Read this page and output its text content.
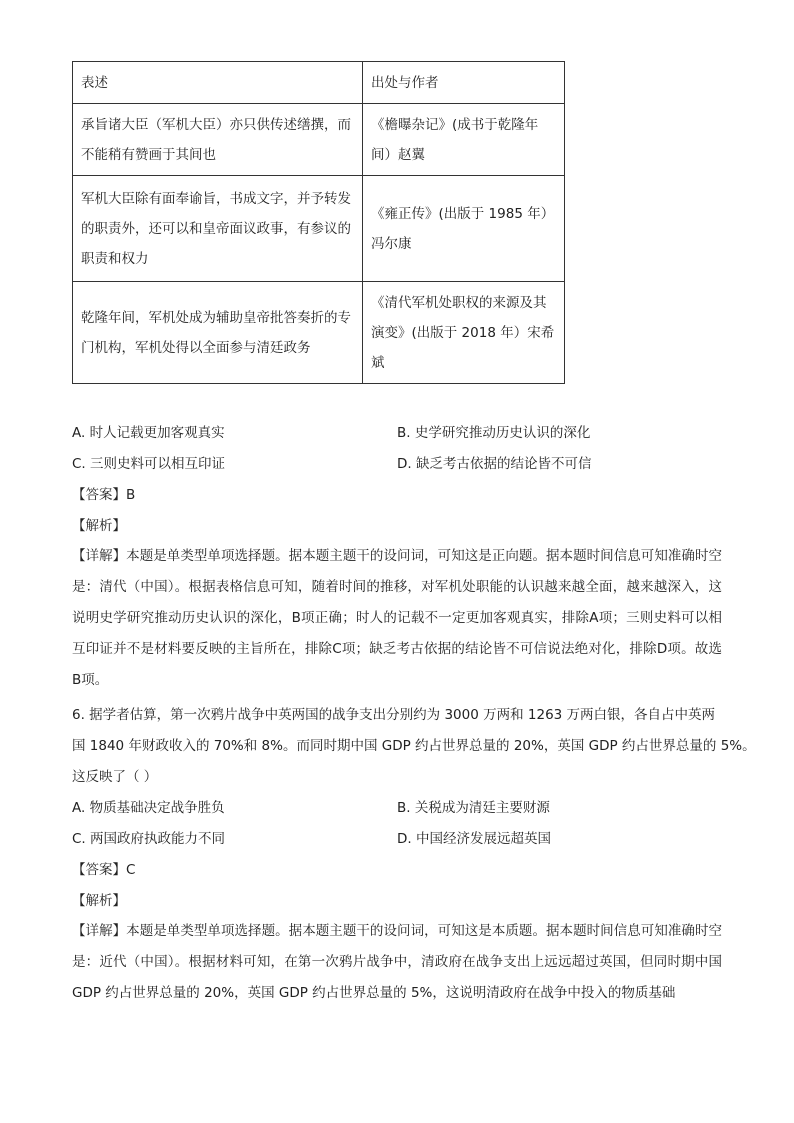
表述	出处与作者
承旨诸大臣（军机大臣）亦只供传述缮撰，而不能稍有赞画于其间也	《檐曝杂记》(成书于乾隆年间）赵翼
军机大臣除有面奉谕旨，书成文字，并予转发的职责外，还可以和皇帝面议政事，有参议的职责和权力	《雍正传》(出版于 1985 年）冯尔康
乾隆年间，军机处成为辅助皇帝批答奏折的专门机构，军机处得以全面参与清廷政务	《清代军机处职权的来源及其演变》(出版于 2018 年）宋希斌
A. 时人记载更加客观真实	B. 史学研究推动历史认识的深化
C. 三则史料可以相互印证	D. 缺乏考古依据的结论皆不可信
【答案】B
【解析】

【详解】本题是单类型单项选择题。据本题主题干的设问词，可知这是正向题。据本题时间信息可知准确时空是：清代（中国）。根据表格信息可知，随着时间的推移，对军机处职能的认识越来越全面，越来越深入，这说明史学研究推动历史认识的深化，B项正确；时人的记载不一定更加客观真实，排除A项；三则史料可以相互印证并不是材料要反映的主旨所在，排除C项；缺乏考古依据的结论皆不可信说法绝对化，排除D项。故选B项。

6. 据学者估算，第一次鸦片战争中英两国的战争支出分别约为 3000 万两和 1263 万两白银，各自占中英两
国 1840 年财政收入的 70%和 8%。而同时期中国 GDP 约占世界总量的 20%，英国 GDP 约占世界总量的 5%。
这反映了（ ）
A. 物质基础决定战争胜负	B. 关税成为清廷主要财源
C. 两国政府执政能力不同	D. 中国经济发展远超英国
【答案】C
【解析】

【详解】本题是单类型单项选择题。据本题主题干的设问词，可知这是本质题。据本题时间信息可知准确时空是：近代（中国）。根据材料可知，在第一次鸦片战争中，清政府在战争支出上远远超过英国，但同时期中国 GDP 约占世界总量的 20%，英国 GDP 约占世界总量的 5%，这说明清政府在战争中投入的物质基础
